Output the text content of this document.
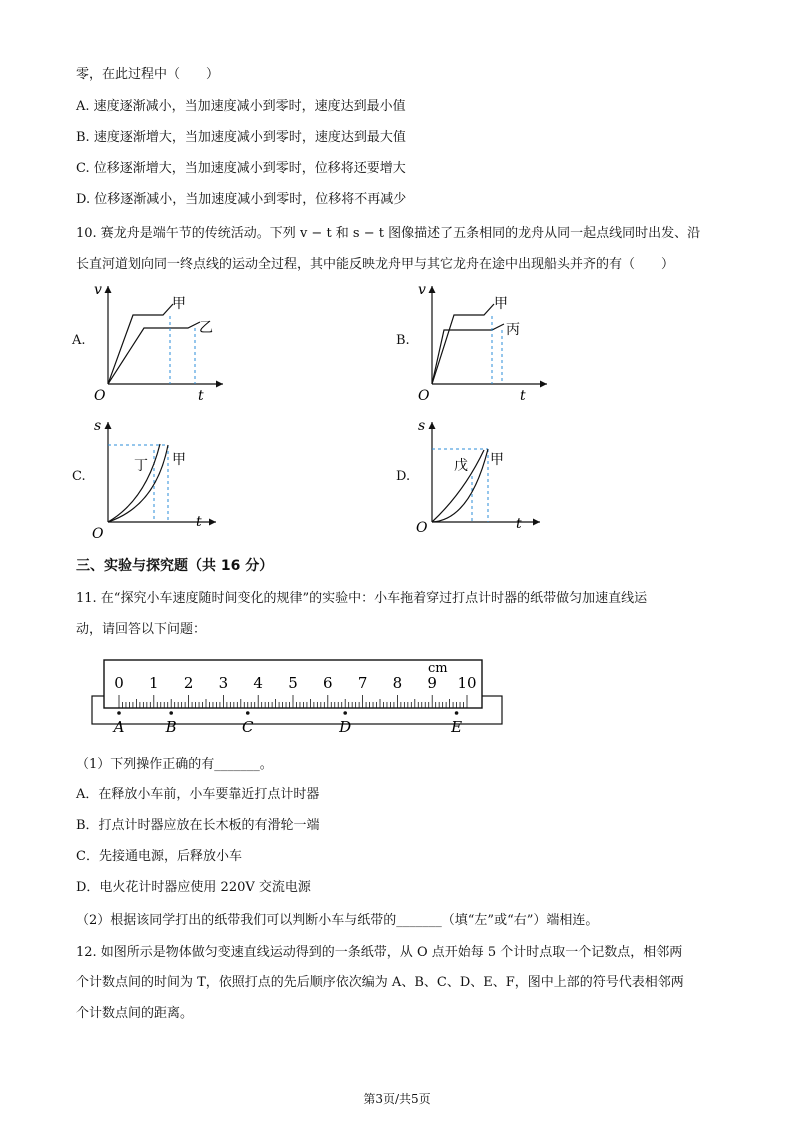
零，在此过程中（　　）
A. 速度逐渐减小，当加速度减小到零时，速度达到最小值
B. 速度逐渐增大，当加速度减小到零时，速度达到最大值
C. 位移逐渐增大，当加速度减小到零时，位移将还要增大
D. 位移逐渐减小，当加速度减小到零时，位移将不再减少
10. 赛龙舟是端午节的传统活动。下列 v − t 和 s − t 图像描述了五条相同的龙舟从同一起点线同时出发、沿
长直河道划向同一终点线的运动全过程，其中能反映龙舟甲与其它龙舟在途中出现船头并齐的有（　　）
A.
v
t
O
甲
乙
B.
v
t
O
甲
丙
C.
s
t
O
甲
丁
D.
s
t
O
甲
戊
三、实验与探究题（共 16 分）
11. 在“探究小车速度随时间变化的规律”的实验中：小车拖着穿过打点计时器的纸带做匀加速直线运
动，请回答以下问题：
0 1 2 3 4 5 6 7 8 9 10
cm
A	B	C	D	E
（1）下列操作正确的有_______。
A．在释放小车前，小车要靠近打点计时器
B．打点计时器应放在长木板的有滑轮一端
C．先接通电源，后释放小车
D．电火花计时器应使用 220V 交流电源
（2）根据该同学打出的纸带我们可以判断小车与纸带的_______（填“左”或“右”）端相连。
12. 如图所示是物体做匀变速直线运动得到的一条纸带，从 O 点开始每 5 个计时点取一个记数点，相邻两
个计数点间的时间为 T，依照打点的先后顺序依次编为 A、B、C、D、E、F，图中上部的符号代表相邻两
个计数点间的距离。
第3页/共5页
